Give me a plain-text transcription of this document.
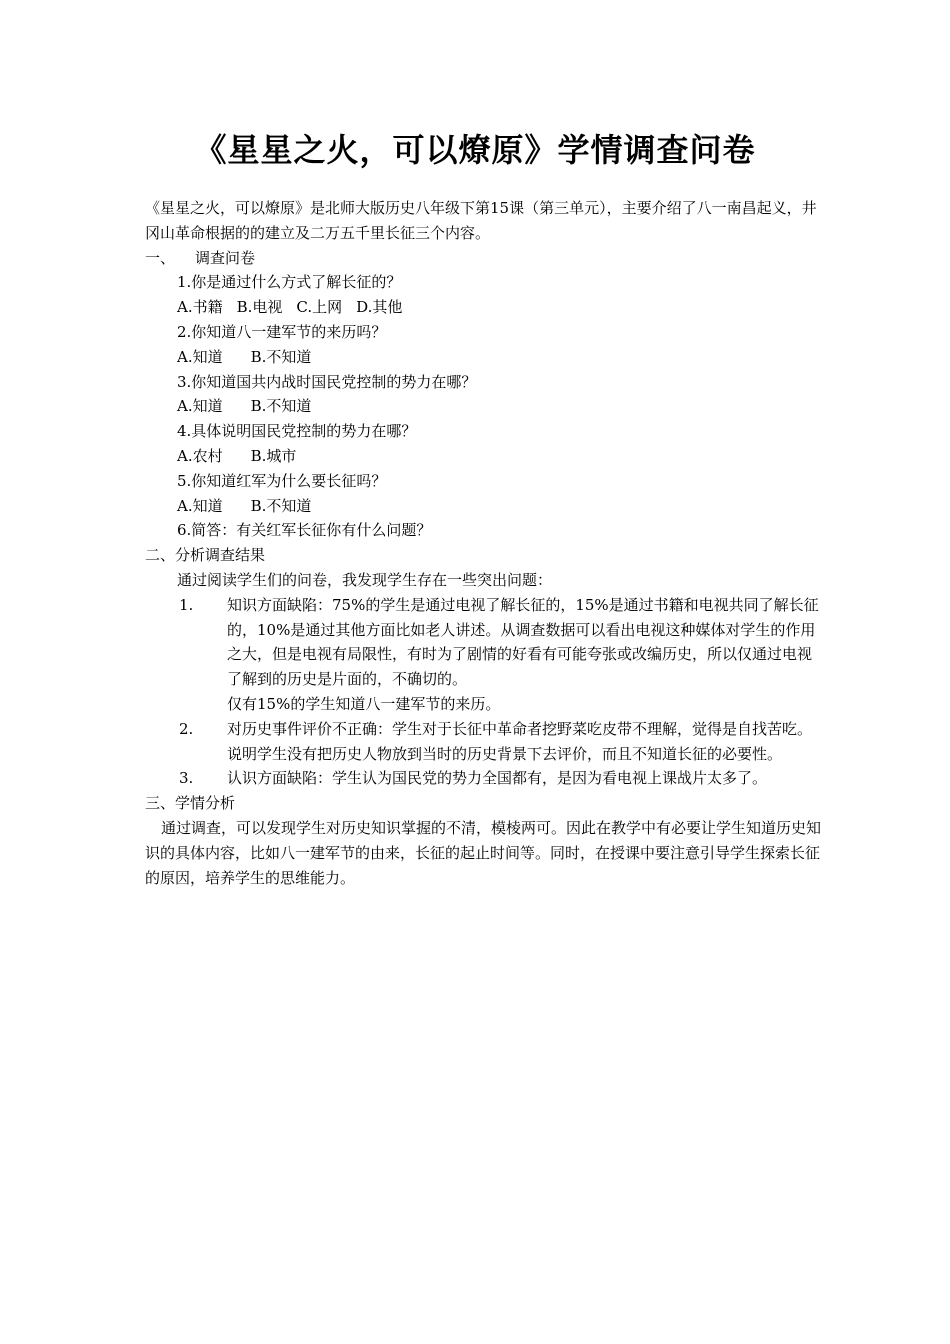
《星星之火，可以燎原》学情调查问卷
《星星之火，可以燎原》是北师大版历史八年级下第15课（第三单元），主要介绍了八一南昌起义，井冈山革命根据的的建立及二万五千里长征三个内容。
一、 调查问卷
1.你是通过什么方式了解长征的？
A.书籍 B.电视 C.上网 D.其他
2.你知道八一建军节的来历吗？
A.知道 B.不知道
3.你知道国共内战时国民党控制的势力在哪？
A.知道 B.不知道
4.具体说明国民党控制的势力在哪？
A.农村 B.城市
5.你知道红军为什么要长征吗？
A.知道 B.不知道
6.简答：有关红军长征你有什么问题？
二、分析调查结果
通过阅读学生们的问卷，我发现学生存在一些突出问题：
1.	知识方面缺陷：75%的学生是通过电视了解长征的，15%是通过书籍和电视共同了解长征的，10%是通过其他方面比如老人讲述。从调查数据可以看出电视这种媒体对学生的作用之大，但是电视有局限性，有时为了剧情的好看有可能夸张或改编历史，所以仅通过电视了解到的历史是片面的，不确切的。
仅有15%的学生知道八一建军节的来历。
2.	对历史事件评价不正确：学生对于长征中革命者挖野菜吃皮带不理解，觉得是自找苦吃。说明学生没有把历史人物放到当时的历史背景下去评价，而且不知道长征的必要性。
3.	认识方面缺陷：学生认为国民党的势力全国都有，是因为看电视上课战片太多了。
三、学情分析
通过调查，可以发现学生对历史知识掌握的不清，模棱两可。因此在教学中有必要让学生知道历史知识的具体内容，比如八一建军节的由来，长征的起止时间等。同时，在授课中要注意引导学生探索长征的原因，培养学生的思维能力。
